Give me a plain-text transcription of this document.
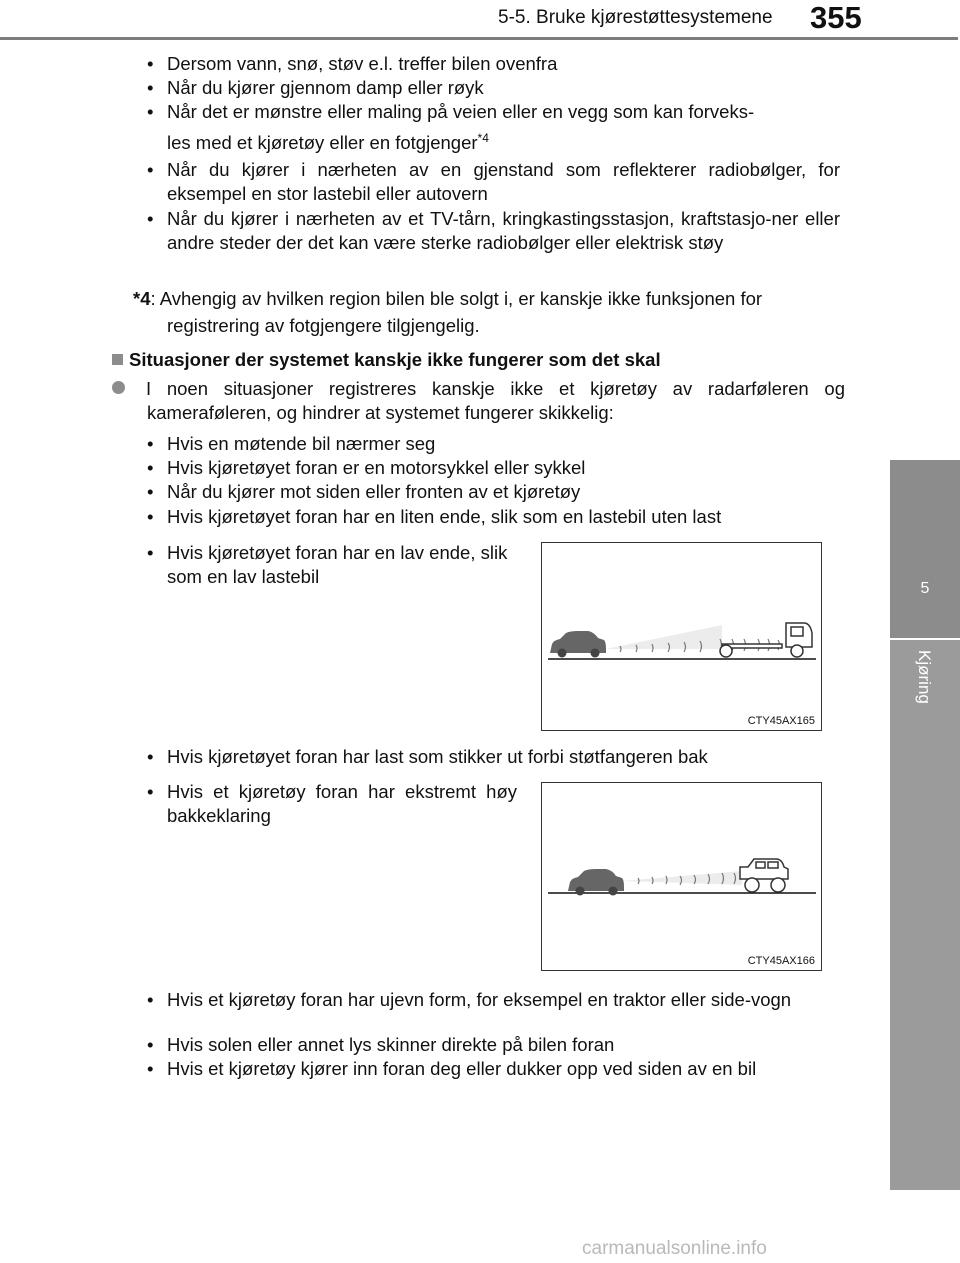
5-5. Bruke kjørestøttesystemene 355
5
Kjøring
• Dersom vann, snø, støv e.l. treffer bilen ovenfra
• Når du kjører gjennom damp eller røyk
• Når det er mønstre eller maling på veien eller en vegg som kan forveks-
les med et kjøretøy eller en fotgjenger$^{*4}$
• Når du kjører i nærheten av en gjenstand som reflekterer radiobølger, for eksempel en stor lastebil eller autovern
• Når du kjører i nærheten av et TV-tårn, kringkastingsstasjon, kraftstasjo-ner eller andre steder der det kan være sterke radiobølger eller elektrisk støy
*4: Avhengig av hvilken region bilen ble solgt i, er kanskje ikke funksjonen for
registrering av fotgjengere tilgjengelig.
Situasjoner der systemet kanskje ikke fungerer som det skal
I noen situasjoner registreres kanskje ikke et kjøretøy av radarføleren og kameraføleren, og hindrer at systemet fungerer skikkelig:
• Hvis en møtende bil nærmer seg
• Hvis kjøretøyet foran er en motorsykkel eller sykkel
• Når du kjører mot siden eller fronten av et kjøretøy
• Hvis kjøretøyet foran har en liten ende, slik som en lastebil uten last
• Hvis kjøretøyet foran har en lav ende, slik som en lav lastebil
CTY45AX165
• Hvis kjøretøyet foran har last som stikker ut forbi støtfangeren bak
• Hvis et kjøretøy foran har ekstremt høy bakkeklaring
CTY45AX166
• Hvis et kjøretøy foran har ujevn form, for eksempel en traktor eller side-vogn
• Hvis solen eller annet lys skinner direkte på bilen foran
• Hvis et kjøretøy kjører inn foran deg eller dukker opp ved siden av en bil
carmanualsonline.info
